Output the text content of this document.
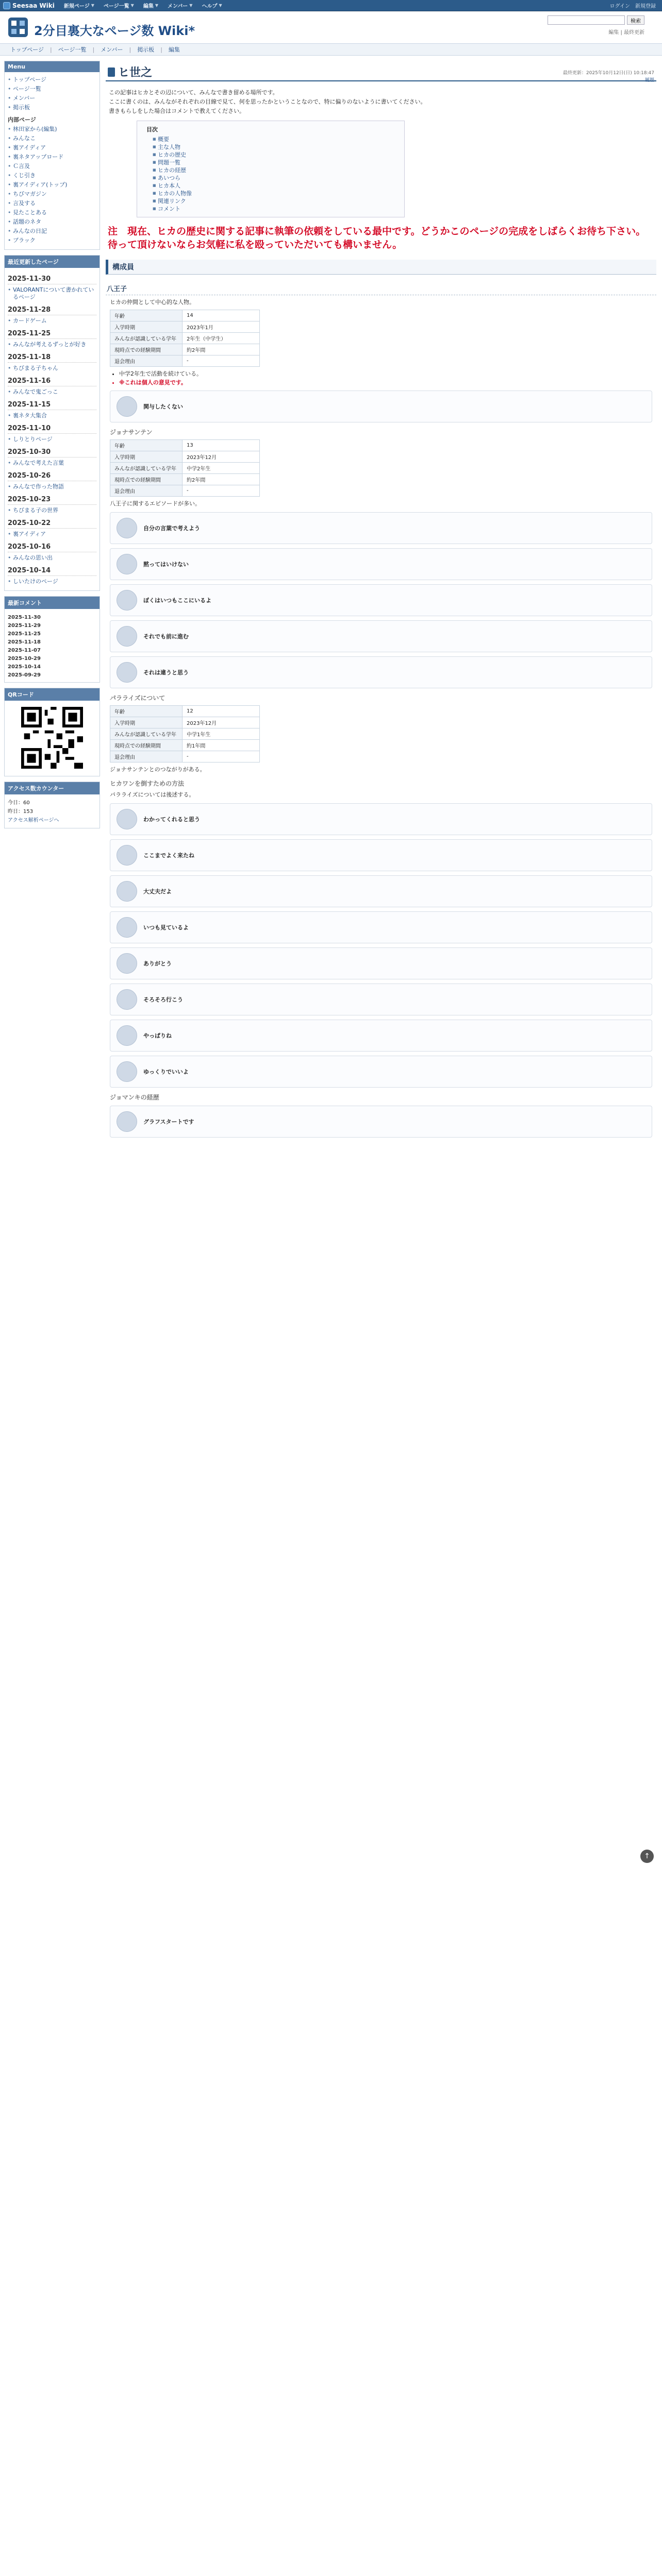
Seesaa Wiki 新規ページ ▼ ページ一覧 ▼ 編集 ▼ メンバー ▼ ヘルプ ▼	ログイン 新規登録
2分目裏大なページ数 Wiki*
検索
編集 | 最終更新
トップページ	|	ページ一覧	|	メンバー	|	掲示板	|	編集
Menu
• トップページ
• ページ一覧
• メンバー
• 掲示板
内部ページ
• 林田家から(編集)
• みんなこ
• 裏アイディア
• 裏ネタアップロード
• Ｃ言及
• くじ引き
• 裏アイディア(トップ)
• ちびマガジン
• 言及する
• 見たことある
• 話題のネタ
• みんなの日記
• ブラック
最近更新したページ
2025-11-30
• VALORANTについて書かれているページ
2025-11-28
• カードゲーム
2025-11-25
• みんなが考えるずっとが好き
2025-11-18
• ちびまる子ちゃん
2025-11-16
• みんなで鬼ごっこ
2025-11-15
• 裏ネタ大集合
2025-11-10
• しりとりページ
2025-10-30
• みんなで考えた言葉
2025-10-26
• みんなで作った物語
2025-10-23
• ちびまる子の世界
2025-10-22
• 裏アイディア
2025-10-16
• みんなの思い出
2025-10-14
• しいたけのページ
最新コメント
2025-11-30
2025-11-29
2025-11-25
2025-11-18
2025-11-07
2025-10-29
2025-10-14
2025-09-29
QRコード
アクセス数カウンター
今日：60
昨日：153
アクセス解析ページへ
ヒ世之	最終更新：2025年10月12日(日) 10:18:47
履歴

この記事はヒカとその辺について、みんなで書き留める場所です。

ここに書くのは、みんながそれぞれの目線で見て、何を思ったかということなので、特に偏りのないように書いてください。

書きもらしをした場合はコメントで教えてください。

目次
■ 概要
■ 主な人物
■ ヒカの歴史
■ 問題一覧
■ ヒカの経歴
■ あいつら
■ ヒカ本人
■ ヒカの人物像
■ 関連リンク
■ コメント
注　現在、ヒカの歴史に関する記事に執筆の依頼をしている最中です。どうかこのページの完成をしばらくお待ち下さい。待って頂けないならお気軽に私を殴っていただいても構いません。
構成員
八王子
ヒカの仲間として中心的な人物。
年齢	14
入学時期	2023年1月
みんなが認識している学年	2年生（中学生）
現時点での経験期間	約2年間
退会理由	-
• 中学2年生で活動を続けている。
• ※これは個人の意見です。
関与したくない
ジョナサンテン
年齢	13
入学時期	2023年12月
みんなが認識している学年	中学2年生
現時点での経験期間	約2年間
退会理由	-
八王子に関するエピソードが多い。
自分の言葉で考えよう
黙ってはいけない
ぼくはいつもここにいるよ
それでも前に進む
それは違うと思う
パラライズについて
年齢	12
入学時期	2023年12月
みんなが認識している学年	中学1年生
現時点での経験期間	約1年間
退会理由	-
ジョナサンテンとのつながりがある。
ヒカワンを倒すための方法
パラライズについては後述する。
わかってくれると思う
ここまでよく来たね
大丈夫だよ
いつも見ているよ
ありがとう
そろそろ行こう
やっぱりね
ゆっくりでいいよ
ジョマンキの経歴
グラフスタートです
↑
